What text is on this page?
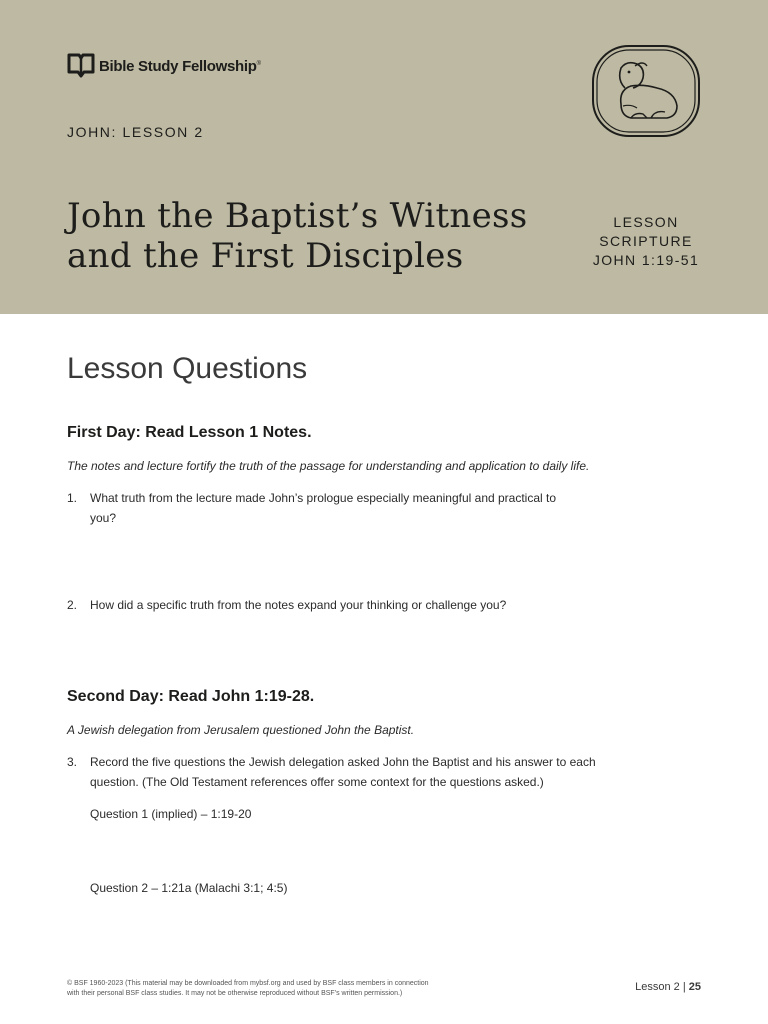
Bible Study Fellowship®
JOHN: LESSON 2
John the Baptist’s Witness
and the First Disciples
LESSON
SCRIPTURE
JOHN 1:19-51
Lesson Questions
First Day: Read Lesson 1 Notes.

The notes and lecture fortify the truth of the passage for understanding and application to daily life.

1. What truth from the lecture made John’s prologue especially meaningful and practical to you?

2. How did a specific truth from the notes expand your thinking or challenge you?

Second Day: Read John 1:19-28.

A Jewish delegation from Jerusalem questioned John the Baptist.

3. Record the five questions the Jewish delegation asked John the Baptist and his answer to each question. (The Old Testament references offer some context for the questions asked.)

Question 1 (implied) – 1:19-20
Question 2 – 1:21a (Malachi 3:1; 4:5)
© BSF 1960-2023 (This material may be downloaded from mybsf.org and used by BSF class members in connection
with their personal BSF class studies. It may not be otherwise reproduced without BSF’s written permission.)
Lesson 2 | 25
